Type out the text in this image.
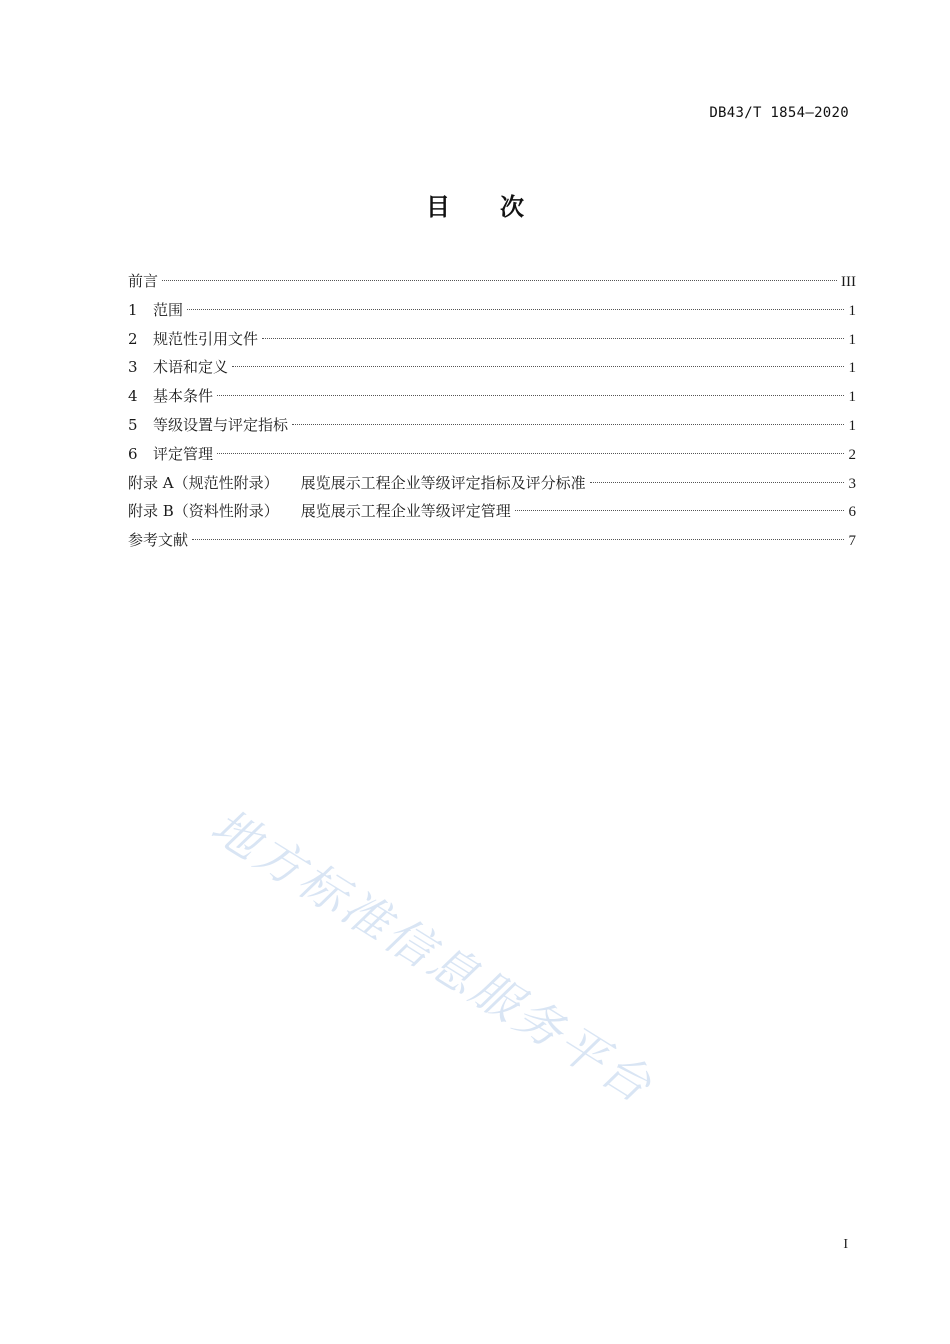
DB43/T 1854—2020
目次
前言	III
1	范围	1
2	规范性引用文件	1
3	术语和定义	1
4	基本条件	1
5	等级设置与评定指标	1
6	评定管理	2
附录 A（规范性附录） 展览展示工程企业等级评定指标及评分标准	3
附录 B（资料性附录） 展览展示工程企业等级评定管理	6
参考文献	7
地方标准信息服务平台
I
